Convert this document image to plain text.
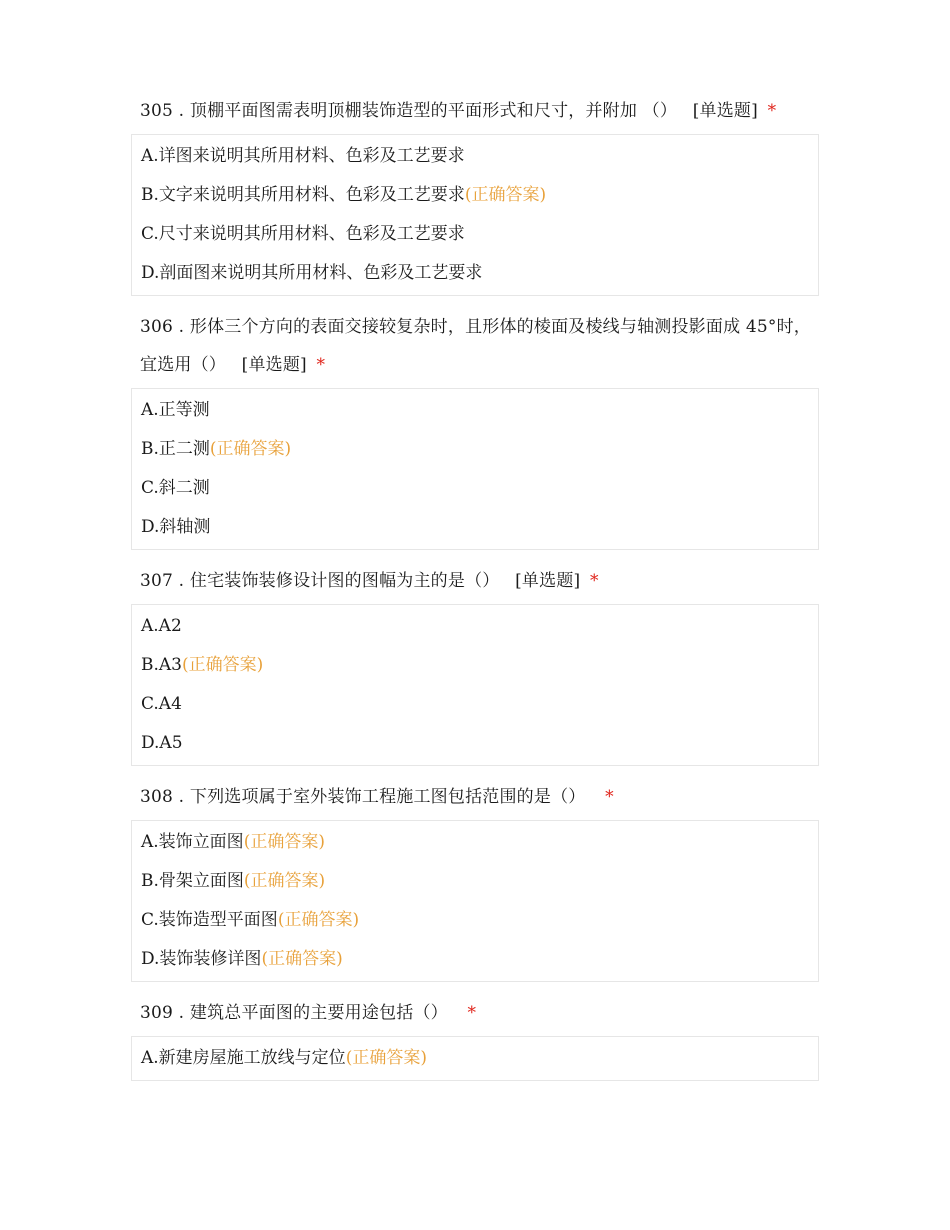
305 . 顶棚平面图需表明顶棚装饰造型的平面形式和尺寸，并附加 （） [单选题] *
A.详图来说明其所用材料、色彩及工艺要求
B.文字来说明其所用材料、色彩及工艺要求(正确答案)
C.尺寸来说明其所用材料、色彩及工艺要求
D.剖面图来说明其所用材料、色彩及工艺要求
306 . 形体三个方向的表面交接较复杂时，且形体的棱面及棱线与轴测投影面成 45°时，宜选用（） [单选题] *
A.正等测
B.正二测(正确答案)
C.斜二测
D.斜轴测
307 . 住宅装饰装修设计图的图幅为主的是（） [单选题] *
A.A2
B.A3(正确答案)
C.A4
D.A5
308 . 下列选项属于室外装饰工程施工图包括范围的是（） *
A.装饰立面图(正确答案)
B.骨架立面图(正确答案)
C.装饰造型平面图(正确答案)
D.装饰装修详图(正确答案)
309 . 建筑总平面图的主要用途包括（） *
A.新建房屋施工放线与定位(正确答案)
